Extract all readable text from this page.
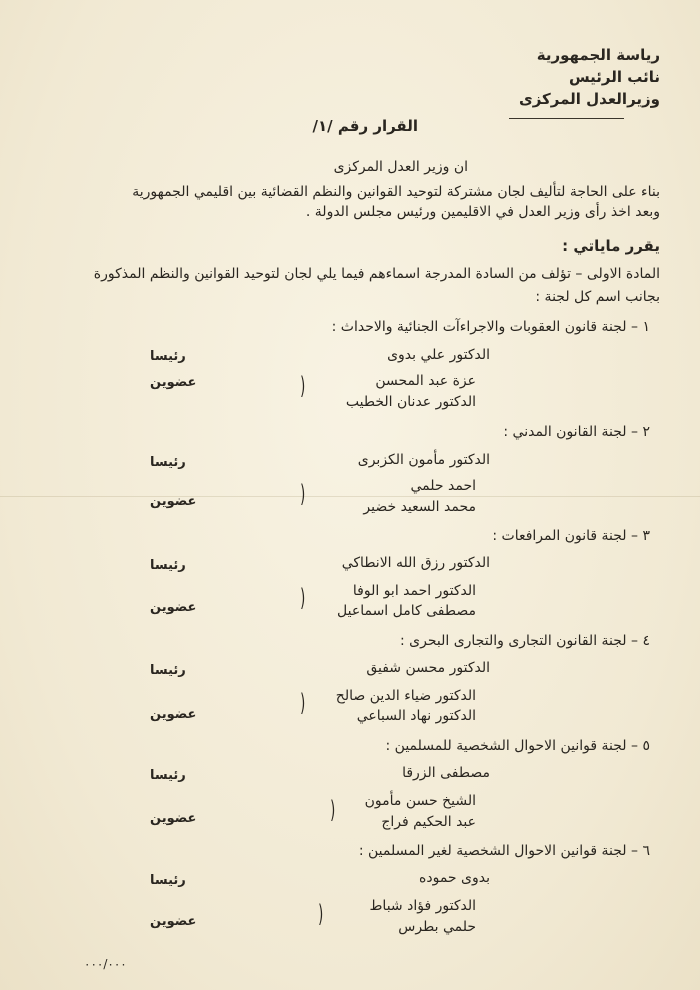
رياسة الجمهورية
نائب الرئيس
وزيرالعدل المركزى
القرار رقم /١/
ان وزير العدل المركزى
بناء على الحاجة لتأليف لجان مشتركة لتوحيد القوانين والنظم القضائية بين اقليمي الجمهورية
وبعد اخذ رأى وزير العدل في الاقليمين ورئيس مجلس الدولة .
يقرر ماياتي :
المادة الاولى – تؤلف من السادة المدرجة اسماءهم فيما يلي لجان لتوحيد القوانين والنظم المذكورة
بجانب اسم كل لجنة :
١ – لجنة قانون العقوبات والاجراءآت الجنائية والاحداث :
الدكتور علي بدوى
رئيسا
عزة عبد المحسن
الدكتور عدنان الخطيب
)
عضوين
٢ – لجنة القانون المدني :
الدكتور مأمون الكزبرى
رئيسا
احمد حلمي
محمد السعيد خضير
)
عضوين
٣ – لجنة قانون المرافعات :
الدكتور رزق الله الانطاكي
رئيسا
الدكتور احمد ابو الوفا
مصطفى كامل اسماعيل
)
عضوين
٤ – لجنة القانون التجارى والتجارى البحرى :
الدكتور محسن شفيق
رئيسا
الدكتور ضياء الدين صالح
الدكتور نهاد السباعي
)
عضوين
٥ – لجنة قوانين الاحوال الشخصية للمسلمين :
مصطفى الزرقا
رئيسا
الشيخ حسن مأمون
عبد الحكيم فراج
)
عضوين
٦ – لجنة قوانين الاحوال الشخصية لغير المسلمين :
بدوى حموده
رئيسا
الدكتور فؤاد شباط
حلمي بطرس
)
عضوين
٠٠٠/٠٠٠
